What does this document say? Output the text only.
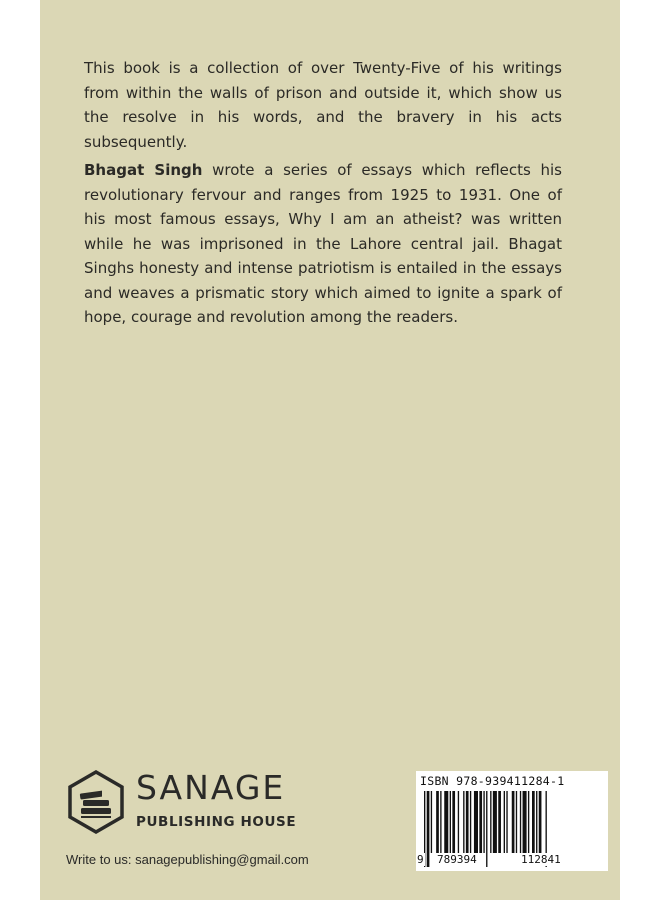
This book is a collection of over Twenty-Five of his writings from within the walls of prison and outside it, which show us the resolve in his words, and the bravery in his acts subsequently.

Bhagat Singh wrote a series of essays which reflects his revolutionary fervour and ranges from 1925 to 1931. One of his most famous essays, Why I am an atheist? was written while he was imprisoned in the Lahore central jail. Bhagat Singhs honesty and intense patriotism is entailed in the essays and weaves a prismatic story which aimed to ignite a spark of hope, courage and revolution among the readers.

SANAGE
PUBLISHING HOUSE
Write to us: sanagepublishing@gmail.com
ISBN 978-939411284-1
9 789394	112841
